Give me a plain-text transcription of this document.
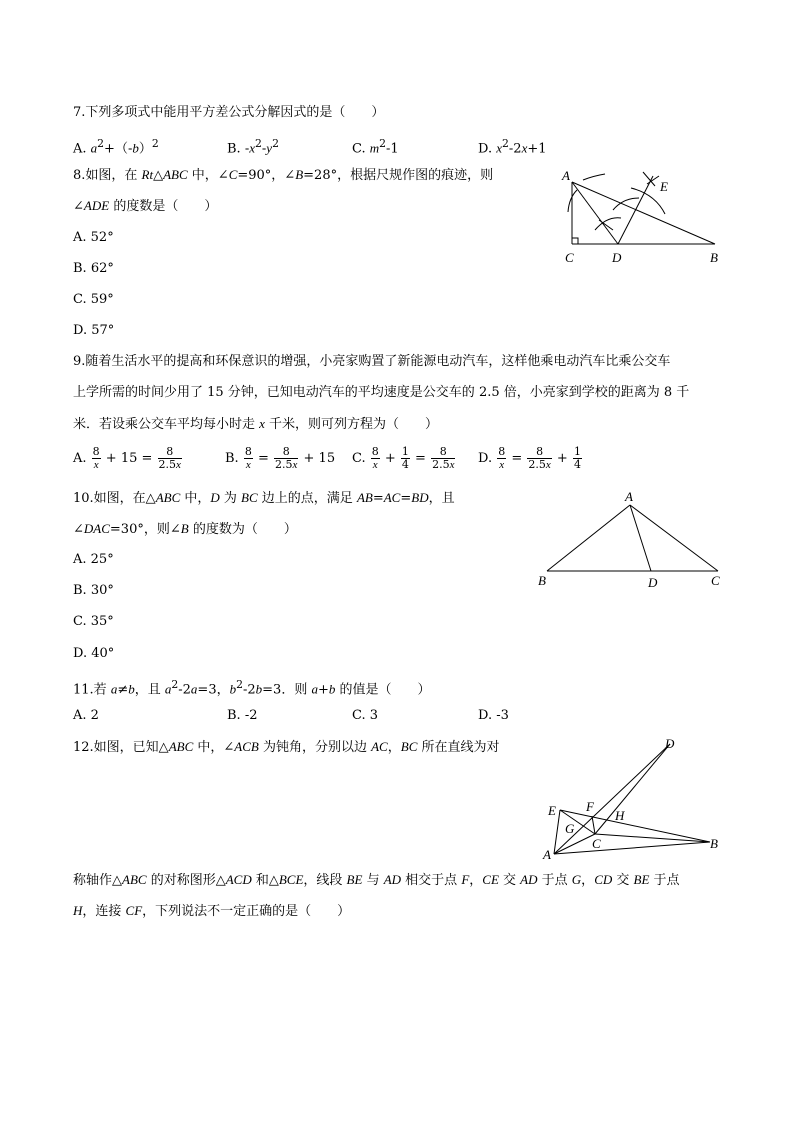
7.下列多项式中能用平方差公式分解因式的是（　　）
A. $a^2+(-b)^2$	B. $-x^2-y^2$	C. $m^2-1$	D. $x^2-2x+1$
8.如图，在 Rt△ABC 中，∠C=90°，∠B=28°，根据尺规作图的痕迹，则
∠ADE 的度数是（　　）
A. 52°
B. 62°
C. 59°
D. 57°
A
E
C	D	B
9.随着生活水平的提高和环保意识的增强，小亮家购置了新能源电动汽车，这样他乘电动汽车比乘公交车
上学所需的时间少用了 15 分钟，已知电动汽车的平均速度是公交车的 2.5 倍，小亮家到学校的距离为 8 千
米．若设乘公交车平均每小时走 x 千米，则可列方程为（　　）
A. $\frac{8}{x} + 15 = \frac{8}{2.5x}$	B. $\frac{8}{x} = \frac{8}{2.5x} + 15$ C. $\frac{8}{x} + \frac{1}{4} = \frac{8}{2.5x} D$. $\frac{8}{x} = \frac{8}{2.5x} + \frac{1}{4}$
10.如图，在△ABC 中，D 为 BC 边上的点，满足 AB=AC=BD，且
∠DAC=30°，则∠B 的度数为（　　）
A. 25°
B. 30°
C. 35°
D. 40°
A
B	D	C
11.若 a≠b，且 $a^2-2a=3$，$b^2-2b=3$．则 a+b 的值是（　　）
A. 2	B. -2	C. 3	D. -3
12.如图，已知△ABC 中，∠ACB 为钝角，分别以边 AC，BC 所在直线为对	D
E F
H
G
C
A
B
称轴作△ABC 的对称图形△ACD 和△BCE，线段 BE 与 AD 相交于点 F，CE 交 AD 于点 G，CD 交 BE 于点
H，连接 CF，下列说法不一定正确的是（　　）
